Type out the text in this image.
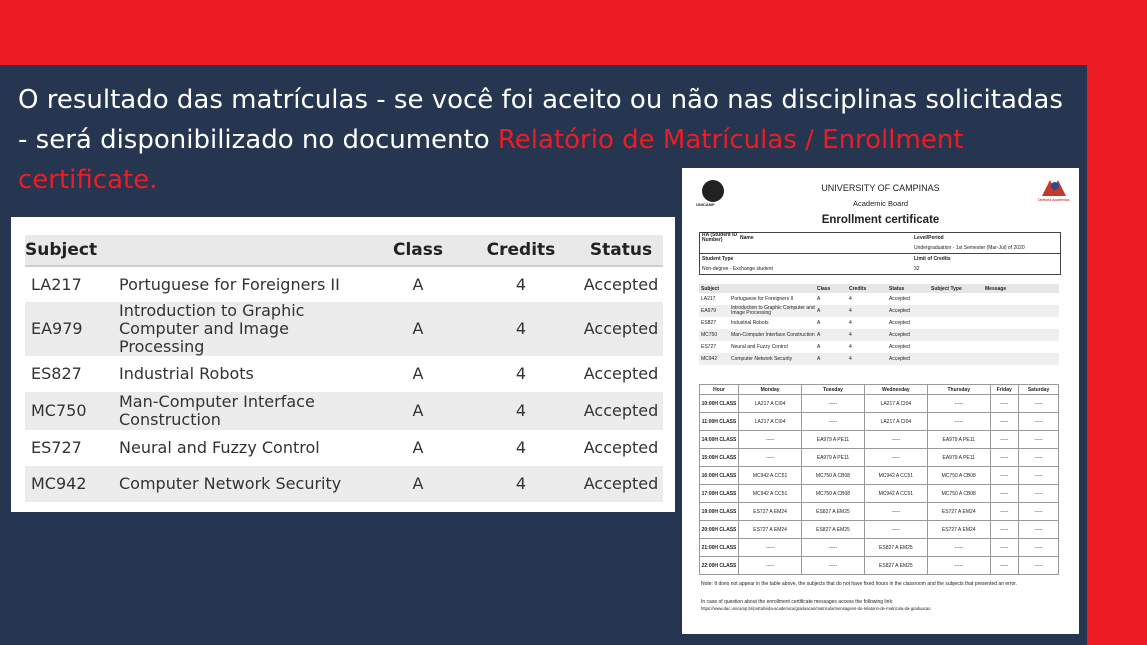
O resultado das matrículas - se você foi aceito ou não nas disciplinas solicitadas - será disponibilizado no documento Relatório de Matrículas / Enrollment certificate.
Subject		Class	Credits	Status
LA217	Portuguese for Foreigners II	A	4	Accepted
EA979	Introduction to Graphic Computer and Image Processing	A	4	Accepted
ES827	Industrial Robots	A	4	Accepted
MC750	Man-Computer Interface Construction	A	4	Accepted
ES727	Neural and Fuzzy Control	A	4	Accepted
MC942	Computer Network Security	A	4	Accepted
UNICAMP
Diretoria Acadêmica
UNIVERSITY OF CAMPINAS
Academic Board
Enrollment certificate
RA (Student ID Number)	Name	Level/Period
Undergraduation - 1st Semester (Mar-Jul) of 2020
Student Type	Limit of Credits
Non-degree - Exchange student	32
Subject		Class	Credits	Status	Subject Type	Message
LA217	Portuguese for Foreigners II	A	4	Accepted		
EA979	Introduction to Graphic Computer and Image Processing	A	4	Accepted		
ES827	Industrial Robots	A	4	Accepted		
MC750	Man-Computer Interface Construction	A	4	Accepted		
ES727	Neural and Fuzzy Control	A	4	Accepted		
MC942	Computer Network Security	A	4	Accepted		
Hour	Monday	Tuesday	Wednesday	Thursday	Friday	Saturday
10:00H CLASS	LA217 A CI04	-----	LA217 A CI04	-----	-----	-----
11:00H CLASS	LA217 A CI04	-----	LA217 A CI04	-----	-----	-----
14:00H CLASS	-----	EA979 A PE11	-----	EA979 A PE11	-----	-----
15:00H CLASS	-----	EA979 A PE11	-----	EA979 A PE11	-----	-----
16:00H CLASS	MC942 A CC51	MC750 A CB08	MC942 A CC51	MC750 A CB08	-----	-----
17:00H CLASS	MC942 A CC51	MC750 A CB08	MC942 A CC51	MC750 A CB08	-----	-----
19:00H CLASS	ES727 A EM24	ES827 A EM25	-----	ES727 A EM24	-----	-----
20:00H CLASS	ES727 A EM24	ES827 A EM25	-----	ES727 A EM24	-----	-----
21:00H CLASS	-----	-----	ES827 A EM25	-----	-----	-----
22:00H CLASS	-----	-----	ES827 A EM25	-----	-----	-----
Note: It does not appear in the table above, the subjects that do not have fixed hours in the classroom and the subjects that presented an error.
In case of question about the enrollment certificate messages access the following link:
https://www.dac.unicamp.br/portal/vida-academica/graduacao/matricula/mensagens-do-relatorio-de-matricula-da-graduacao
